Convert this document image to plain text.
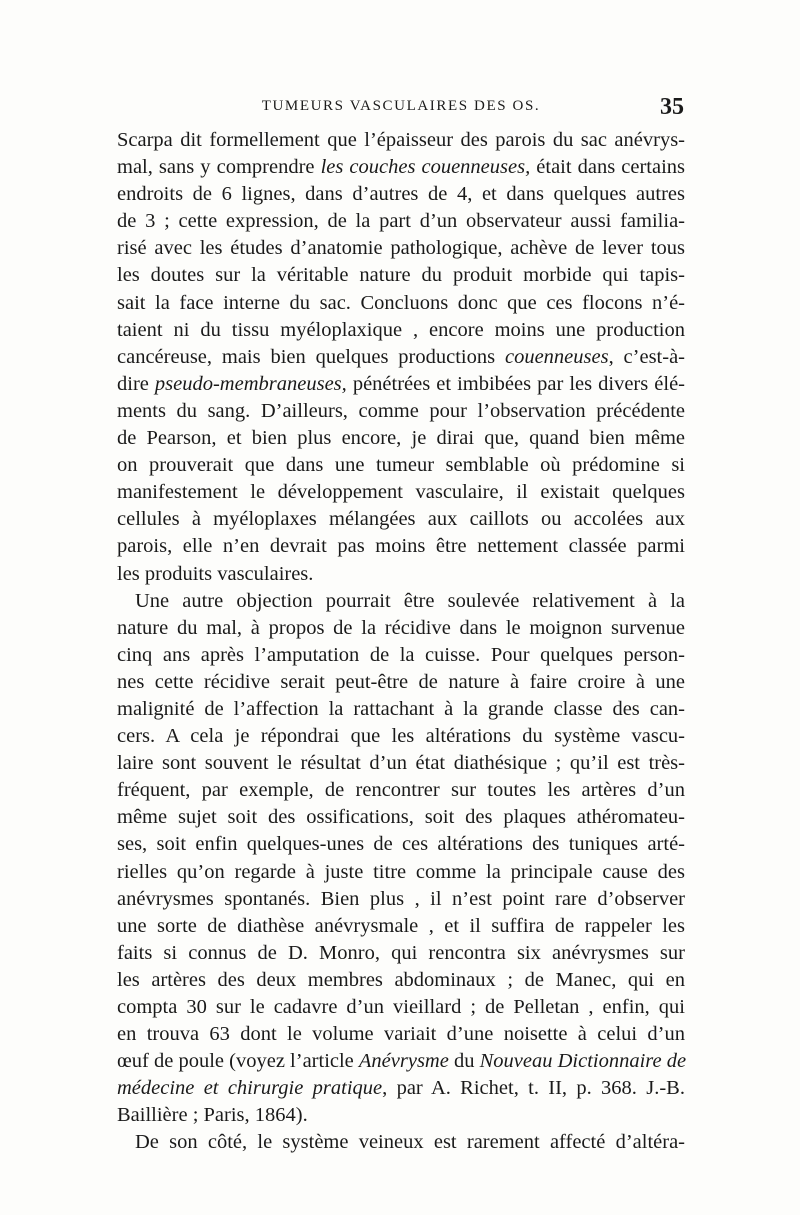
TUMEURS VASCULAIRES DES OS.	35
Scarpa dit formellement que l’épaisseur des parois du sac anévrys-
mal, sans y comprendre les couches couenneuses, était dans certains
endroits de 6 lignes, dans d’autres de 4, et dans quelques autres
de 3 ; cette expression, de la part d’un observateur aussi familia-
risé avec les études d’anatomie pathologique, achève de lever tous
les doutes sur la véritable nature du produit morbide qui tapis-
sait la face interne du sac. Concluons donc que ces flocons n’é-
taient ni du tissu myéloplaxique , encore moins une production
cancéreuse, mais bien quelques productions couenneuses, c’est-à-
dire pseudo-membraneuses, pénétrées et imbibées par les divers élé-
ments du sang. D’ailleurs, comme pour l’observation précédente
de Pearson, et bien plus encore, je dirai que, quand bien même
on prouverait que dans une tumeur semblable où prédomine si
manifestement le développement vasculaire, il existait quelques
cellules à myéloplaxes mélangées aux caillots ou accolées aux
parois, elle n’en devrait pas moins être nettement classée parmi
les produits vasculaires.
Une autre objection pourrait être soulevée relativement à la
nature du mal, à propos de la récidive dans le moignon survenue
cinq ans après l’amputation de la cuisse. Pour quelques person-
nes cette récidive serait peut-être de nature à faire croire à une
malignité de l’affection la rattachant à la grande classe des can-
cers. A cela je répondrai que les altérations du système vascu-
laire sont souvent le résultat d’un état diathésique ; qu’il est très-
fréquent, par exemple, de rencontrer sur toutes les artères d’un
même sujet soit des ossifications, soit des plaques athéromateu-
ses, soit enfin quelques-unes de ces altérations des tuniques arté-
rielles qu’on regarde à juste titre comme la principale cause des
anévrysmes spontanés. Bien plus , il n’est point rare d’observer
une sorte de diathèse anévrysmale , et il suffira de rappeler les
faits si connus de D. Monro, qui rencontra six anévrysmes sur
les artères des deux membres abdominaux ; de Manec, qui en
compta 30 sur le cadavre d’un vieillard ; de Pelletan , enfin, qui
en trouva 63 dont le volume variait d’une noisette à celui d’un
œuf de poule (voyez l’article Anévrysme du Nouveau Dictionnaire de
médecine et chirurgie pratique, par A. Richet, t. II, p. 368. J.-B.
Baillière ; Paris, 1864).
De son côté, le système veineux est rarement affecté d’altéra-
